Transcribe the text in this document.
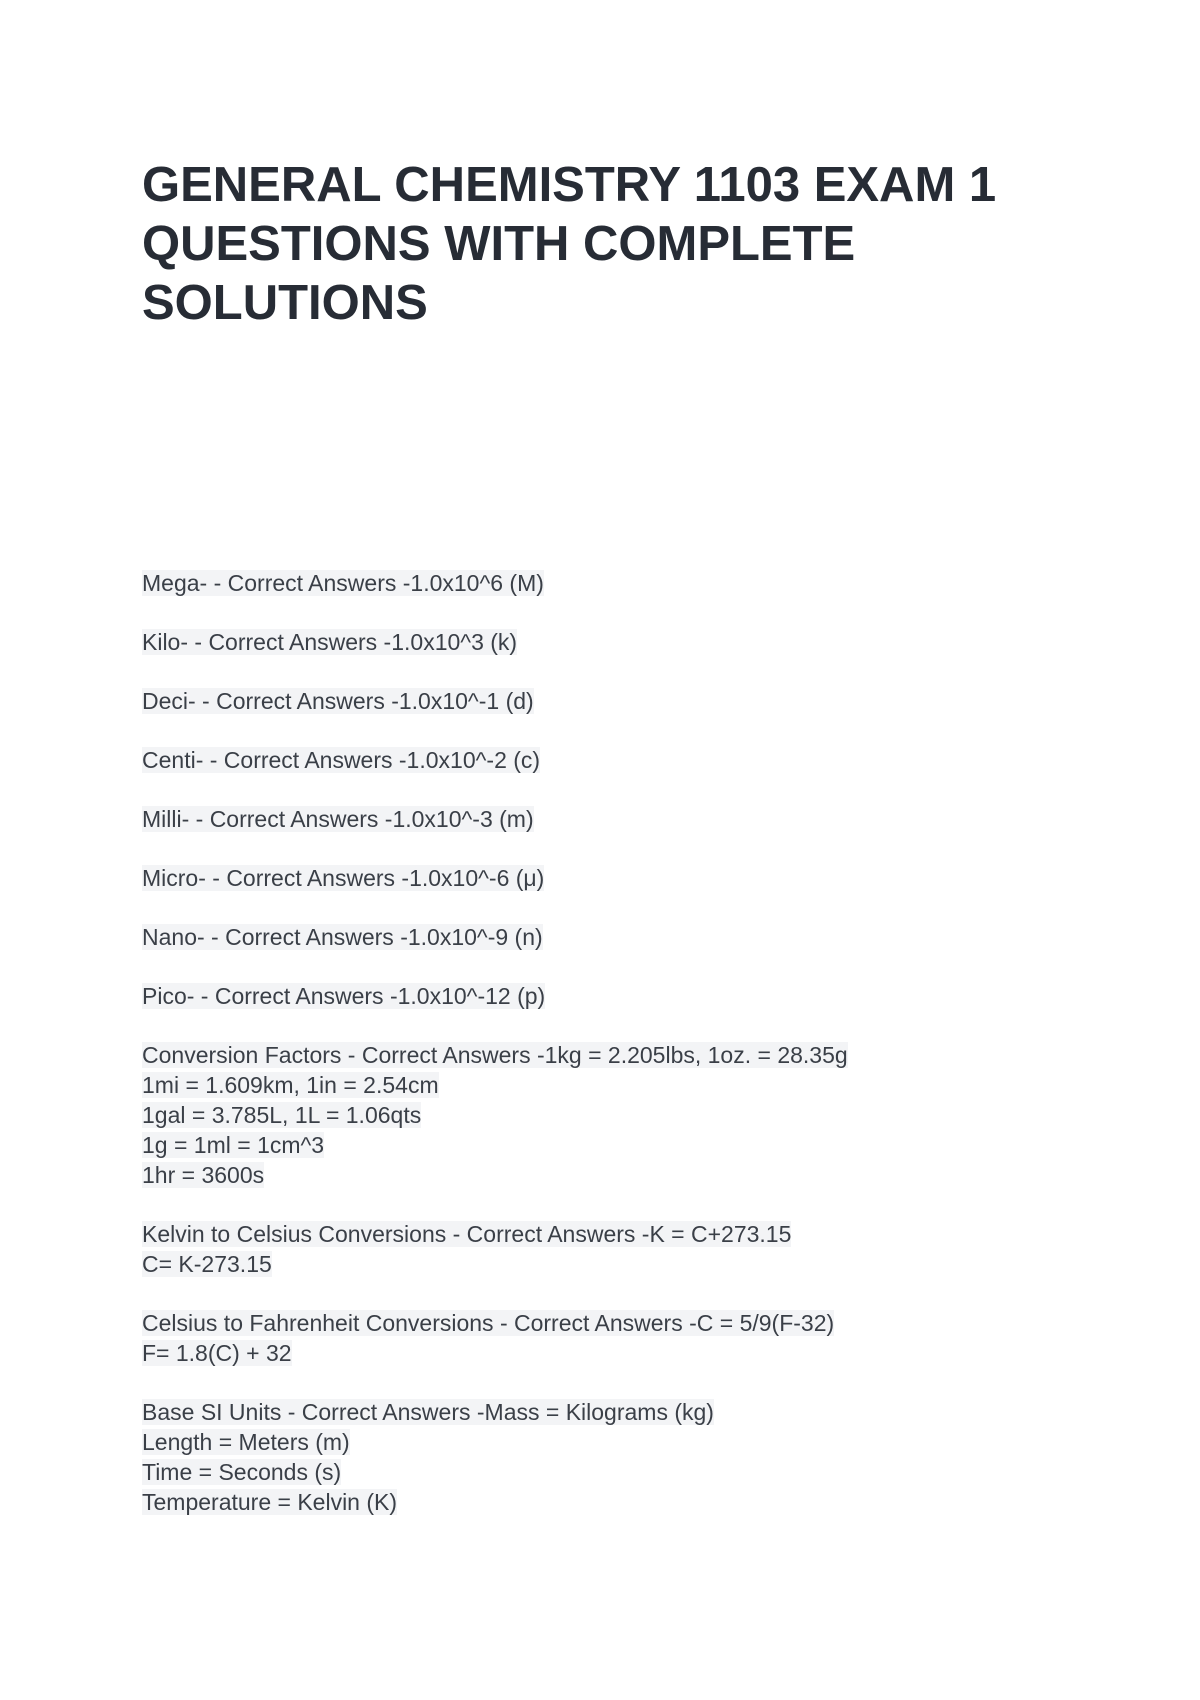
GENERAL CHEMISTRY 1103 EXAM 1 QUESTIONS WITH COMPLETE SOLUTIONS
Mega- - Correct Answers -1.0x10^6 (M)
Kilo- - Correct Answers -1.0x10^3 (k)
Deci- - Correct Answers -1.0x10^-1 (d)
Centi- - Correct Answers -1.0x10^-2 (c)
Milli- - Correct Answers -1.0x10^-3 (m)
Micro- - Correct Answers -1.0x10^-6 (μ)
Nano- - Correct Answers -1.0x10^-9 (n)
Pico- - Correct Answers -1.0x10^-12 (p)
Conversion Factors - Correct Answers -1kg = 2.205lbs, 1oz. = 28.35g
1mi = 1.609km, 1in = 2.54cm
1gal = 3.785L, 1L = 1.06qts
1g = 1ml = 1cm^3
1hr = 3600s
Kelvin to Celsius Conversions - Correct Answers -K = C+273.15
C= K-273.15
Celsius to Fahrenheit Conversions - Correct Answers -C = 5/9(F-32)
F= 1.8(C) + 32
Base SI Units - Correct Answers -Mass = Kilograms (kg)
Length = Meters (m)
Time = Seconds (s)
Temperature = Kelvin (K)
